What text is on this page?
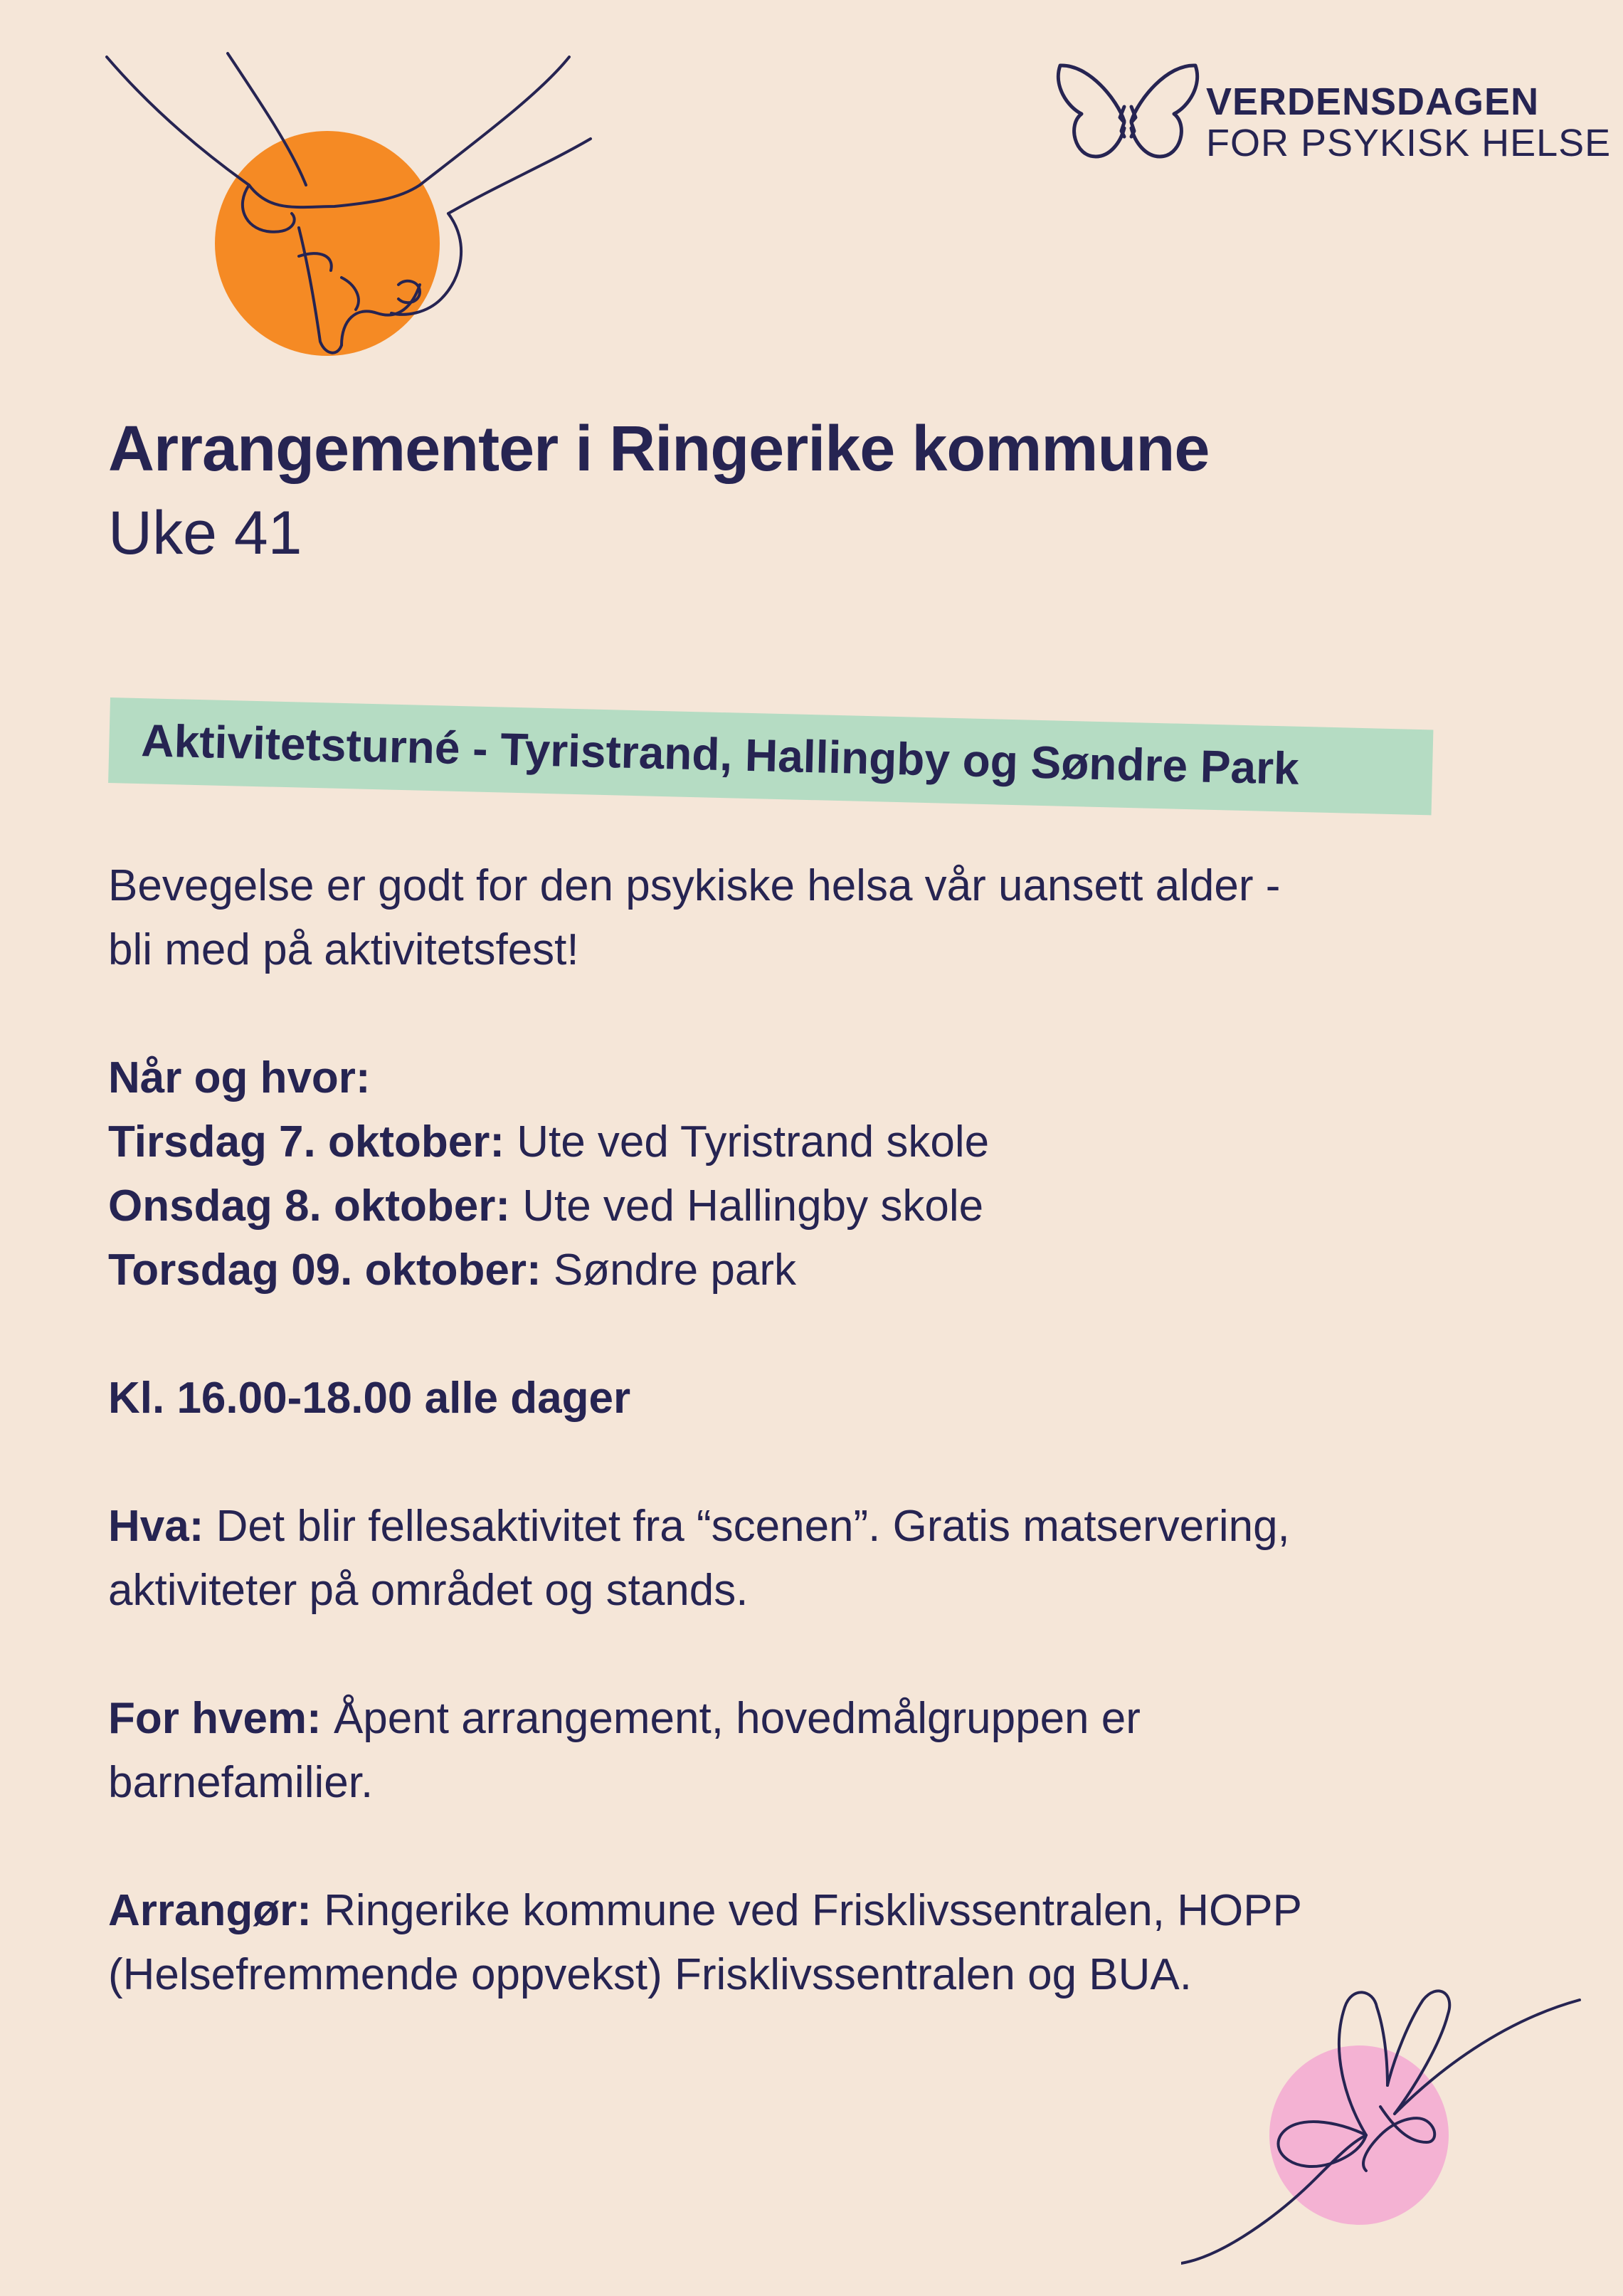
VERDENSDAGEN
FOR PSYKISK HELSE
Arrangementer i Ringerike kommune
Uke 41
Aktivitetsturné - Tyristrand, Hallingby og Søndre Park

Bevegelse er godt for den psykiske helsa vår uansett alder -

bli med på aktivitetsfest!

Når og hvor:

Tirsdag 7. oktober: Ute ved Tyristrand skole

Onsdag 8. oktober: Ute ved Hallingby skole

Torsdag 09. oktober: Søndre park

Kl. 16.00-18.00 alle dager

Hva: Det blir fellesaktivitet fra “scenen”. Gratis matservering,

aktiviteter på området og stands.

For hvem: Åpent arrangement, hovedmålgruppen er

barnefamilier.

Arrangør: Ringerike kommune ved Frisklivssentralen, HOPP

(Helsefremmende oppvekst) Frisklivssentralen og BUA.
